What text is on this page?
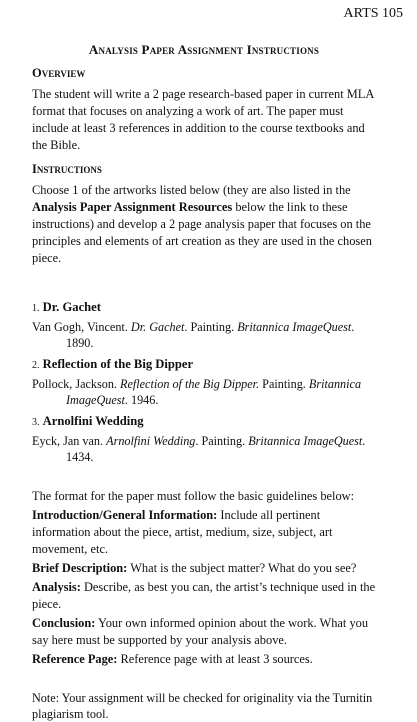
ARTS 105
Analysis Paper Assignment Instructions
Overview

The student will write a 2 page research-based paper in current MLA format that focuses on analyzing a work of art. The paper must include at least 3 references in addition to the course textbooks and the Bible.

Instructions

Choose 1 of the artworks listed below (they are also listed in the Analysis Paper Assignment Resources below the link to these instructions) and develop a 2 page analysis paper that focuses on the principles and elements of art creation as they are used in the chosen piece.

1. Dr. Gachet
Van Gogh, Vincent. Dr. Gachet. Painting. Britannica ImageQuest. 1890.
2. Reflection of the Big Dipper
Pollock, Jackson. Reflection of the Big Dipper. Painting. Britannica ImageQuest. 1946.
3. Arnolfini Wedding
Eyck, Jan van. Arnolfini Wedding. Painting. Britannica ImageQuest. 1434.

The format for the paper must follow the basic guidelines below:

Introduction/General Information: Include all pertinent information about the piece, artist, medium, size, subject, art movement, etc.

Brief Description: What is the subject matter? What do you see?

Analysis: Describe, as best you can, the artist’s technique used in the piece.

Conclusion: Your own informed opinion about the work. What you say here must be supported by your analysis above.

Reference Page: Reference page with at least 3 sources.

Note: Your assignment will be checked for originality via the Turnitin plagiarism tool.
